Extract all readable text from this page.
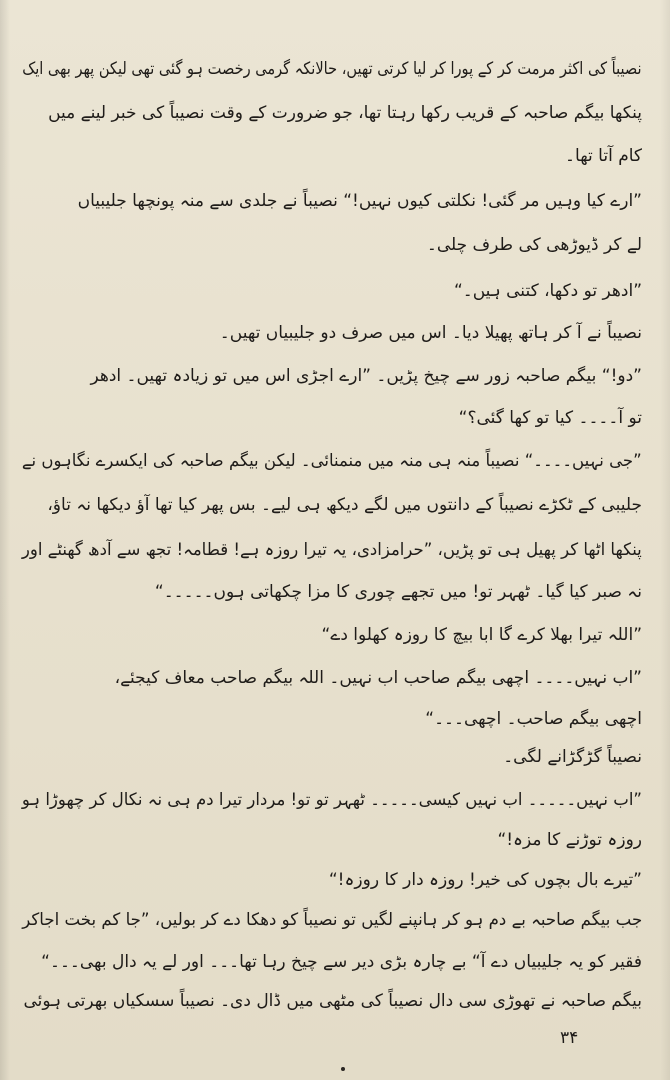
نصیباً کی اکثر مرمت کر کے پورا کر لیا کرتی تھیں، حالانکہ گرمی رخصت ہو گئی تھی لیکن پھر بھی ایک
پنکھا بیگم صاحبہ کے قریب رکھا رہتا تھا، جو ضرورت کے وقت نصیباً کی خبر لینے میں
کام آتا تھا۔
”ارے کیا وہیں مر گئی! نکلتی کیوں نہیں!“ نصیباً نے جلدی سے منہ پونچھا جلیبیاں
لے کر ڈیوڑھی کی طرف چلی۔
”ادھر تو دکھا، کتنی ہیں۔“
نصیباً نے آ کر ہاتھ پھیلا دیا۔ اس میں صرف دو جلیبیاں تھیں۔
”دو!“ بیگم صاحبہ زور سے چیخ پڑیں۔ ”ارے اجڑی اس میں تو زیادہ تھیں۔ ادھر
تو آ۔۔۔۔ کیا تو کھا گئی؟“
”جی نہیں۔۔۔۔“ نصیباً منہ ہی منہ میں منمنائی۔ لیکن بیگم صاحبہ کی ایکسرے نگاہوں نے
جلیبی کے ٹکڑے نصیباً کے دانتوں میں لگے دیکھ ہی لیے۔ بس پھر کیا تھا آؤ دیکھا نہ تاؤ،
پنکھا اٹھا کر پھیل ہی تو پڑیں، ”حرامزادی، یہ تیرا روزہ ہے! قطامہ! تجھ سے آدھ گھنٹے اور
نہ صبر کیا گیا۔ ٹھہر تو! میں تجھے چوری کا مزا چکھاتی ہوں۔۔۔۔۔“
”اللہ تیرا بھلا کرے گا ابا بیچ کا روزہ کھلوا دے“
”اب نہیں۔۔۔۔ اچھی بیگم صاحب اب نہیں۔ اللہ بیگم صاحب معاف کیجئے،
اچھی بیگم صاحب۔ اچھی۔۔۔“
نصیباً گڑگڑانے لگی۔
”اب نہیں۔۔۔۔۔ اب نہیں کیسی۔۔۔۔۔ ٹھہر تو تو! مردار تیرا دم ہی نہ نکال کر چھوڑا ہو
روزہ توڑنے کا مزہ!“
”تیرے بال بچوں کی خیر! روزہ دار کا روزہ!“
جب بیگم صاحبہ بے دم ہو کر ہانپنے لگیں تو نصیباً کو دھکا دے کر بولیں، ”جا کم بخت اجاکر
فقیر کو یہ جلیبیاں دے آ“ بے چارہ بڑی دیر سے چیخ رہا تھا۔۔۔ اور لے یہ دال بھی۔۔۔“
بیگم صاحبہ نے تھوڑی سی دال نصیباً کی مٹھی میں ڈال دی۔ نصیباً سسکیاں بھرتی ہوئی
۳۴
